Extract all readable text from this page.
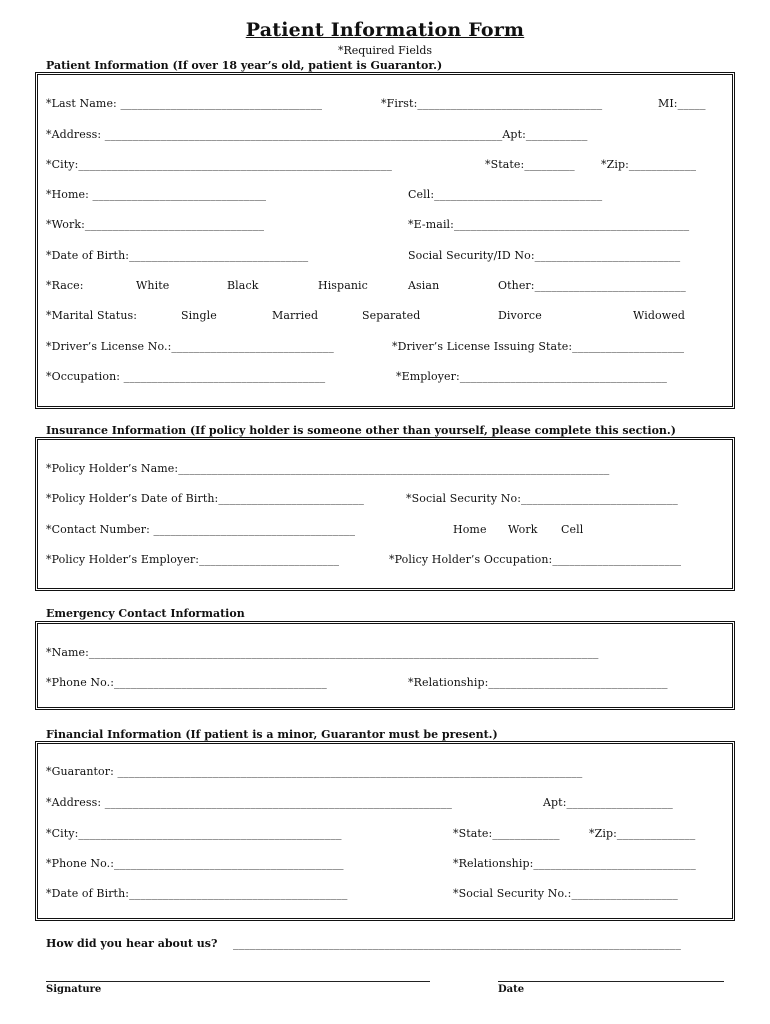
Patient Information Form
*Required Fields
Patient Information (If over 18 year’s old, patient is Guarantor.)
*Last Name: ____________________________________	*First:_________________________________	MI:_____
*Address: _______________________________________________________________________Apt:___________
*City:________________________________________________________	*State:_________ *Zip:____________
*Home: _______________________________	Cell:______________________________
*Work:________________________________	*E-mail:__________________________________________
*Date of Birth:________________________________	Social Security/ID No:__________________________
*Race:	White	Black	Hispanic	Asian	Other:___________________________
*Marital Status:	Single	Married	Separated	Divorce	Widowed
*Driver’s License No.:_____________________________	*Driver’s License Issuing State:____________________
*Occupation: ____________________________________	*Employer:_____________________________________
Insurance Information (If policy holder is someone other than yourself, please complete this section.)
*Policy Holder’s Name:_____________________________________________________________________________
*Policy Holder’s Date of Birth:__________________________	*Social Security No:____________________________
*Contact Number: ____________________________________	Home Work Cell
*Policy Holder’s Employer:_________________________	*Policy Holder’s Occupation:_______________________
Emergency Contact Information
*Name:___________________________________________________________________________________________
*Phone No.:______________________________________	*Relationship:________________________________
Financial Information (If patient is a minor, Guarantor must be present.)
*Guarantor: ___________________________________________________________________________________
*Address: ______________________________________________________________	Apt:___________________
*City:_______________________________________________	*State:____________	*Zip:______________
*Phone No.:_________________________________________	*Relationship:_____________________________
*Date of Birth:_______________________________________	*Social Security No.:___________________
How did you hear about us? ________________________________________________________________________________
Signature	Date
